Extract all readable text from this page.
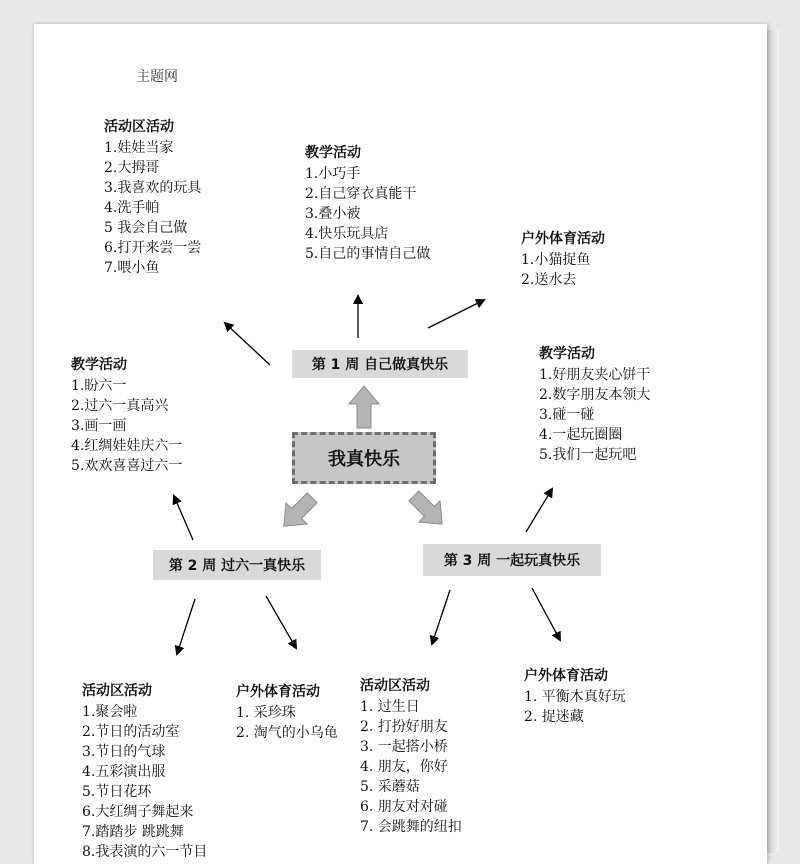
主题网
第 1 周 自己做真快乐
第 2 周 过六一真快乐	第 3 周 一起玩真快乐
我真快乐
活动区活动
1.娃娃当家
2.大拇哥
3.我喜欢的玩具
4.洗手帕
5 我会自己做
6.打开来尝一尝
7.喂小鱼
教学活动
1.小巧手
2.自己穿衣真能干
3.叠小被
4.快乐玩具店
5.自己的事情自己做
户外体育活动
1.小猫捉鱼
2.送水去
教学活动
1.盼六一
2.过六一真高兴
3.画一画
4.红绸娃娃庆六一
5.欢欢喜喜过六一
活动区活动
1.聚会啦
2.节日的活动室
3.节日的气球
4.五彩演出服
5.节日花环
6.大红绸子舞起来
7.踏踏步 跳跳舞
8.我表演的六一节目
户外体育活动
1. 采珍珠
2. 淘气的小乌龟
教学活动
1.好朋友夹心饼干
2.数字朋友本领大
3.碰一碰
4.一起玩圈圈
5.我们一起玩吧
活动区活动
1. 过生日
2. 打扮好朋友
3. 一起搭小桥
4. 朋友，你好
5. 采蘑菇
6. 朋友对对碰
7. 会跳舞的纽扣
户外体育活动
1. 平衡木真好玩
2. 捉迷藏
